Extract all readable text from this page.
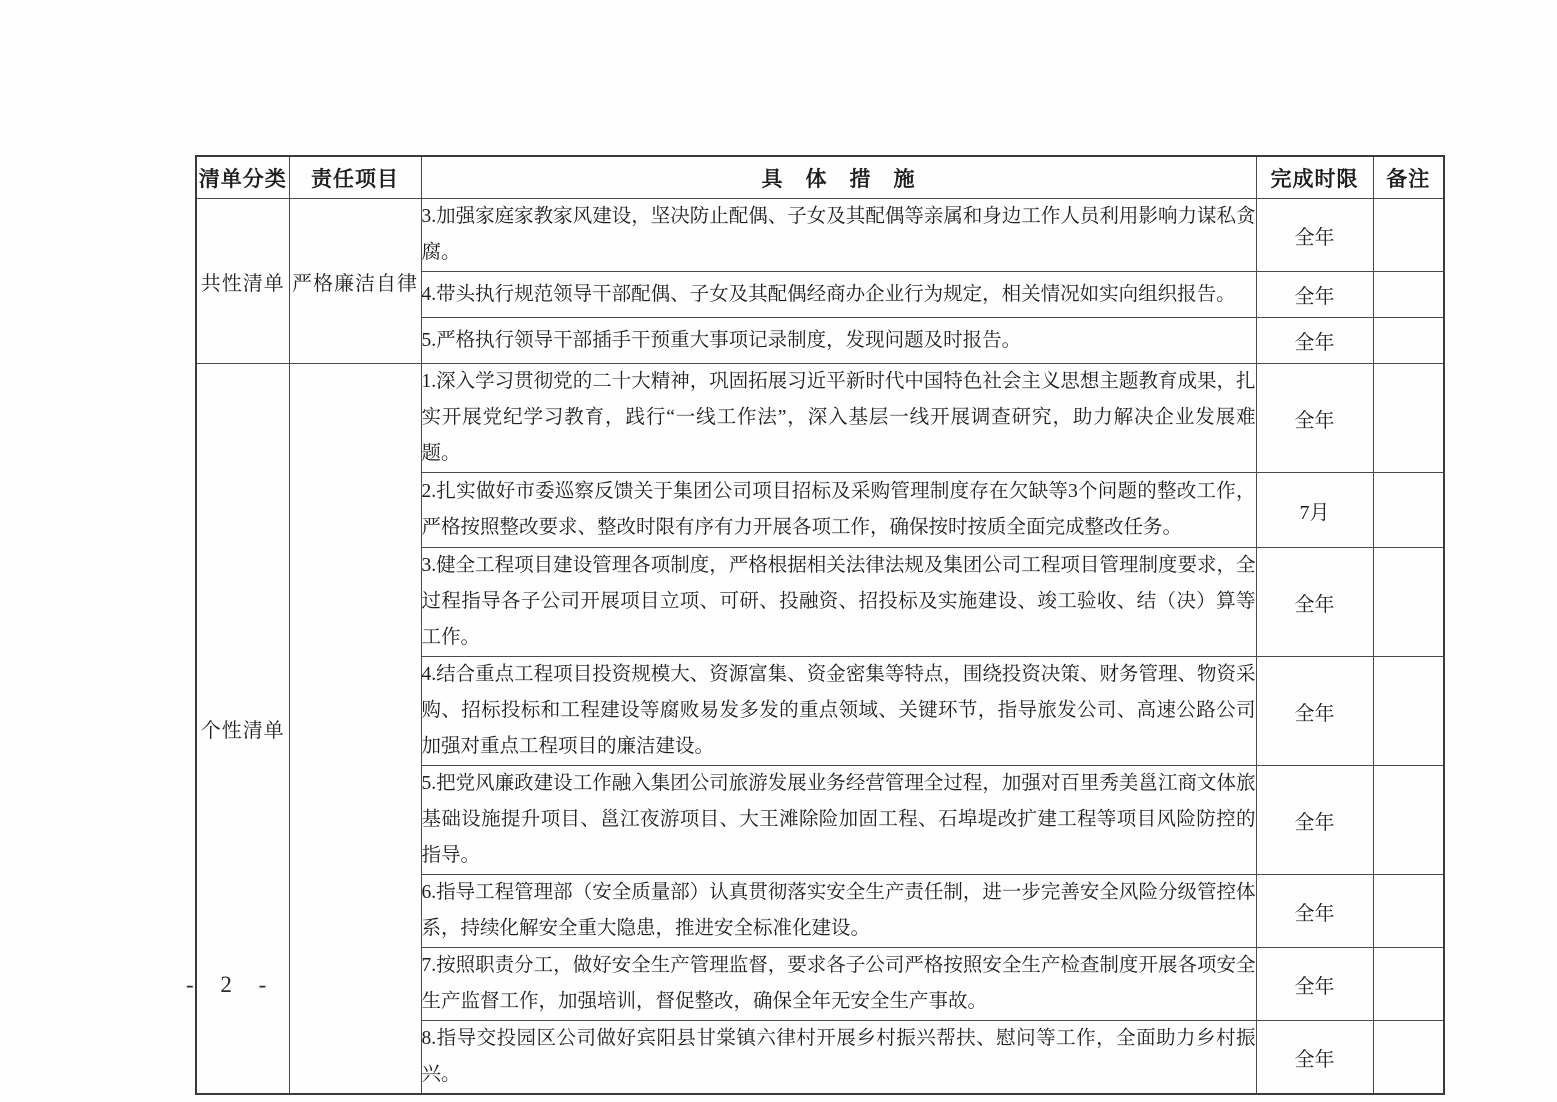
清单分类	责任项目	具　体　措　施	完成时限	备注
共性清单	严格廉洁自律	3.加强家庭家教家风建设，坚决防止配偶、子女及其配偶等亲属和身边工作人员利用影响力谋私贪腐。	全年	
		4.带头执行规范领导干部配偶、子女及其配偶经商办企业行为规定，相关情况如实向组织报告。	全年	
		5.严格执行领导干部插手干预重大事项记录制度，发现问题及时报告。	全年	
个性清单		1.深入学习贯彻党的二十大精神，巩固拓展习近平新时代中国特色社会主义思想主题教育成果，扎实开展党纪学习教育，践行“一线工作法”，深入基层一线开展调查研究，助力解决企业发展难题。	全年	
		2.扎实做好市委巡察反馈关于集团公司项目招标及采购管理制度存在欠缺等3个问题的整改工作，严格按照整改要求、整改时限有序有力开展各项工作，确保按时按质全面完成整改任务。	7月	
		3.健全工程项目建设管理各项制度，严格根据相关法律法规及集团公司工程项目管理制度要求，全过程指导各子公司开展项目立项、可研、投融资、招投标及实施建设、竣工验收、结（决）算等工作。	全年	
		4.结合重点工程项目投资规模大、资源富集、资金密集等特点，围绕投资决策、财务管理、物资采购、招标投标和工程建设等腐败易发多发的重点领域、关键环节，指导旅发公司、高速公路公司加强对重点工程项目的廉洁建设。	全年	
		5.把党风廉政建设工作融入集团公司旅游发展业务经营管理全过程，加强对百里秀美邕江商文体旅基础设施提升项目、邕江夜游项目、大王滩除险加固工程、石埠堤改扩建工程等项目风险防控的指导。	全年	
		6.指导工程管理部（安全质量部）认真贯彻落实安全生产责任制，进一步完善安全风险分级管控体系，持续化解安全重大隐患，推进安全标准化建设。	全年	
		7.按照职责分工，做好安全生产管理监督，要求各子公司严格按照安全生产检查制度开展各项安全生产监督工作，加强培训，督促整改，确保全年无安全生产事故。	全年	
		8.指导交投园区公司做好宾阳县甘棠镇六律村开展乡村振兴帮扶、慰问等工作，全面助力乡村振兴。	全年	
- 2 -
